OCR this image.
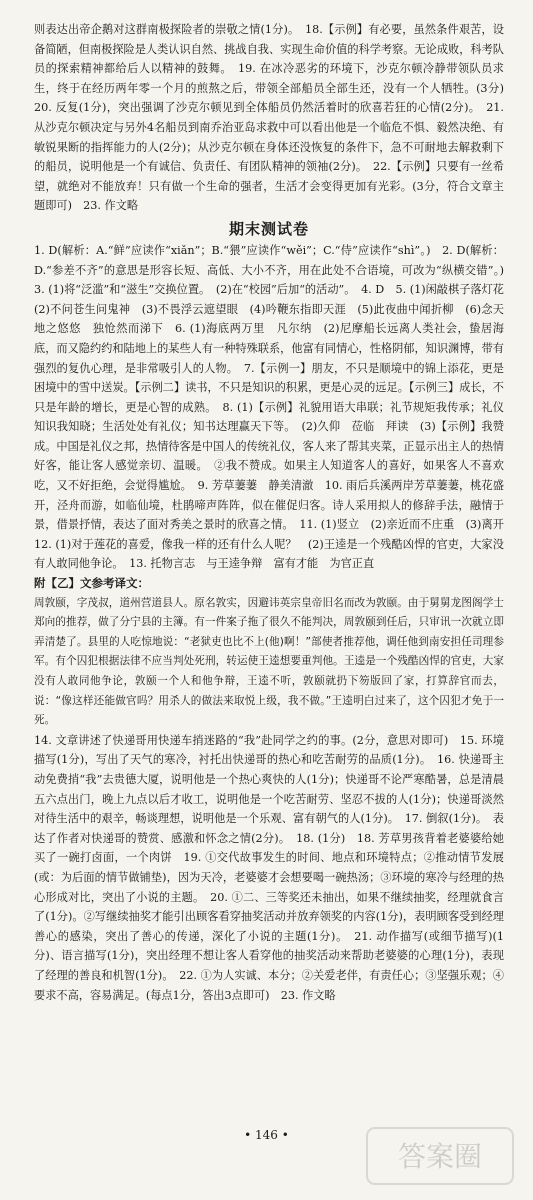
则表达出帝企鹅对这群南极探险者的崇敬之情(1分)。　18.【示例】有必要，虽然条件艰苦，设备简陋，但南极探险是人类认识自然、挑战自我、实现生命价值的科学考察。无论成败，科考队员的探索精神都给后人以精神的鼓舞。　19. 在冰冷恶劣的环境下，沙克尔顿冷静带领队员求生，终于在经历两年零一个月的煎熬之后，带领全部船员全部生还，没有一个人牺牲。(3分)　20. 反复(1分)，突出强调了沙克尔顿见到全体船员仍然活着时的欣喜若狂的心情(2分)。　21. 从沙克尔顿决定与另外4名船员到南乔治亚岛求救中可以看出他是一个临危不惧、毅然决绝、有敏锐果断的指挥能力的人(2分)；从沙克尔顿在身体还没恢复的条件下，急不可耐地去解救剩下的船员，说明他是一个有诚信、负责任、有团队精神的领袖(2分)。　22.【示例】只要有一丝希望，就绝对不能放弃！只有做一个生命的强者，生活才会变得更加有光彩。(3分，符合文章主题即可)　23. 作文略

期末测试卷

1. D(解析：A.“鲜”应读作“xiǎn”；B.“猥”应读作“wěi”；C.“侍”应读作“shì”。)　2. D(解析：D.“参差不齐”的意思是形容长短、高低、大小不齐，用在此处不合语境，可改为“纵横交错”。)　3. (1)将“泛滥”和“滋生”交换位置。　(2)在“校园”后加“的活动”。　4. D　5. (1)闲敲棋子落灯花　(2)不问苍生问鬼神　(3)不畏浮云遮望眼　(4)吟鞭东指即天涯　(5)此夜曲中闻折柳　(6)念天地之悠悠　独怆然而涕下　6. (1)海底两万里　凡尔纳　(2)尼摩船长远离人类社会，蛰居海底，而又隐约约和陆地上的某些人有一种特殊联系，他富有同情心，性格阴郁，知识渊博，带有强烈的复仇心理，是非常吸引人的人物。　7.【示例一】朋友，不只是顺境中的锦上添花，更是困境中的雪中送炭。【示例二】读书，不只是知识的积累，更是心灵的远足。【示例三】成长，不只是年龄的增长，更是心智的成熟。　8. (1)【示例】礼貌用语大串联；礼节规矩我传承；礼仪知识我知晓；生活处处有礼仪；知书达理赢天下等。　(2)久仰　莅临　拜读　(3)【示例】我赞成。中国是礼仪之邦，热情待客是中国人的传统礼仪，客人来了帮其夹菜，正显示出主人的热情好客，能让客人感觉亲切、温暖。　②我不赞成。如果主人知道客人的喜好，如果客人不喜欢吃，又不好拒绝，会觉得尴尬。　9. 芳草萋萋　静美清澈　10. 雨后兵溪两岸芳草萋萋，桃花盛开，泾舟而游，如临仙境，杜鹃啼声阵阵，似在催促归客。诗人采用拟人的修辞手法，融情于景，借景抒情，表达了面对秀美之景时的欣喜之情。　11. (1)竖立　(2)亲近而不庄重　(3)离开　12. (1)对于莲花的喜爱，像我一样的还有什么人呢？　(2)王逵是一个残酷凶悍的官吏，大家没有人敢同他争论。　13. 托物言志　与王逵争辩　富有才能　为官正直

附【乙】文参考译文：

周敦颐，字茂叔，道州营道县人。原名敦实，因避讳英宗皇帝旧名而改为敦颐。由于舅舅龙图阁学士郑向的推荐，做了分宁县的主簿。有一件案子拖了很久不能判决，周敦颐到任后，只审讯一次就立即弄清楚了。县里的人吃惊地说：“老狱吏也比不上(他)啊！”部使者推荐他，调任他到南安担任司理参军。有个囚犯根据法律不应当判处死刑，转运使王逵想要重判他。王逵是一个残酷凶悍的官吏，大家没有人敢同他争论，敦颐一个人和他争辩，王逵不听，敦颐就扔下笏版回了家，打算辞官而去，说：“像这样还能做官吗？用杀人的做法来取悦上级，我不做。”王逵明白过来了，这个囚犯才免于一死。

14. 文章讲述了快递哥用快递车捎迷路的“我”赴同学之约的事。(2分，意思对即可)　15. 环境描写(1分)，写出了天气的寒冷，衬托出快递哥的热心和吃苦耐劳的品质(1分)。　16. 快递哥主动免费捎“我”去贵德大厦，说明他是一个热心爽快的人(1分)；快递哥不论严寒酷暑，总是清晨五六点出门，晚上九点以后才收工，说明他是一个吃苦耐劳、坚忍不拔的人(1分)；快递哥淡然对待生活中的艰辛，畅谈理想，说明他是一个乐观、富有朝气的人(1分)。　17. 倒叙(1分)。　表达了作者对快递哥的赞赏、感激和怀念之情(2分)。　18. (1分)　18. 芳草男孩背着老婆婆给她买了一碗打卤面，一个肉饼　19. ①交代故事发生的时间、地点和环境特点；②推动情节发展(或：为后面的情节做铺垫)，因为天冷，老婆婆才会想要喝一碗热汤；③环境的寒冷与经理的热心形成对比，突出了小说的主题。　20. ①二、三等奖还未抽出，如果不继续抽奖，经理就食言了(1分)。②写继续抽奖才能引出顾客看穿抽奖活动并放弃领奖的内容(1分)，表明顾客受到经理善心的感染，突出了善心的传递，深化了小说的主题(1分)。　21. 动作描写(或细节描写)(1分)、语言描写(1分)，突出经理不想让客人看穿他的抽奖活动来帮助老婆婆的心理(1分)，表现了经理的善良和机智(1分)。　22. ①为人实诚、本分；②关爱老伴，有责任心；③坚强乐观；④要求不高，容易满足。(每点1分，答出3点即可)　23. 作文略

• 146 •
答案圈
